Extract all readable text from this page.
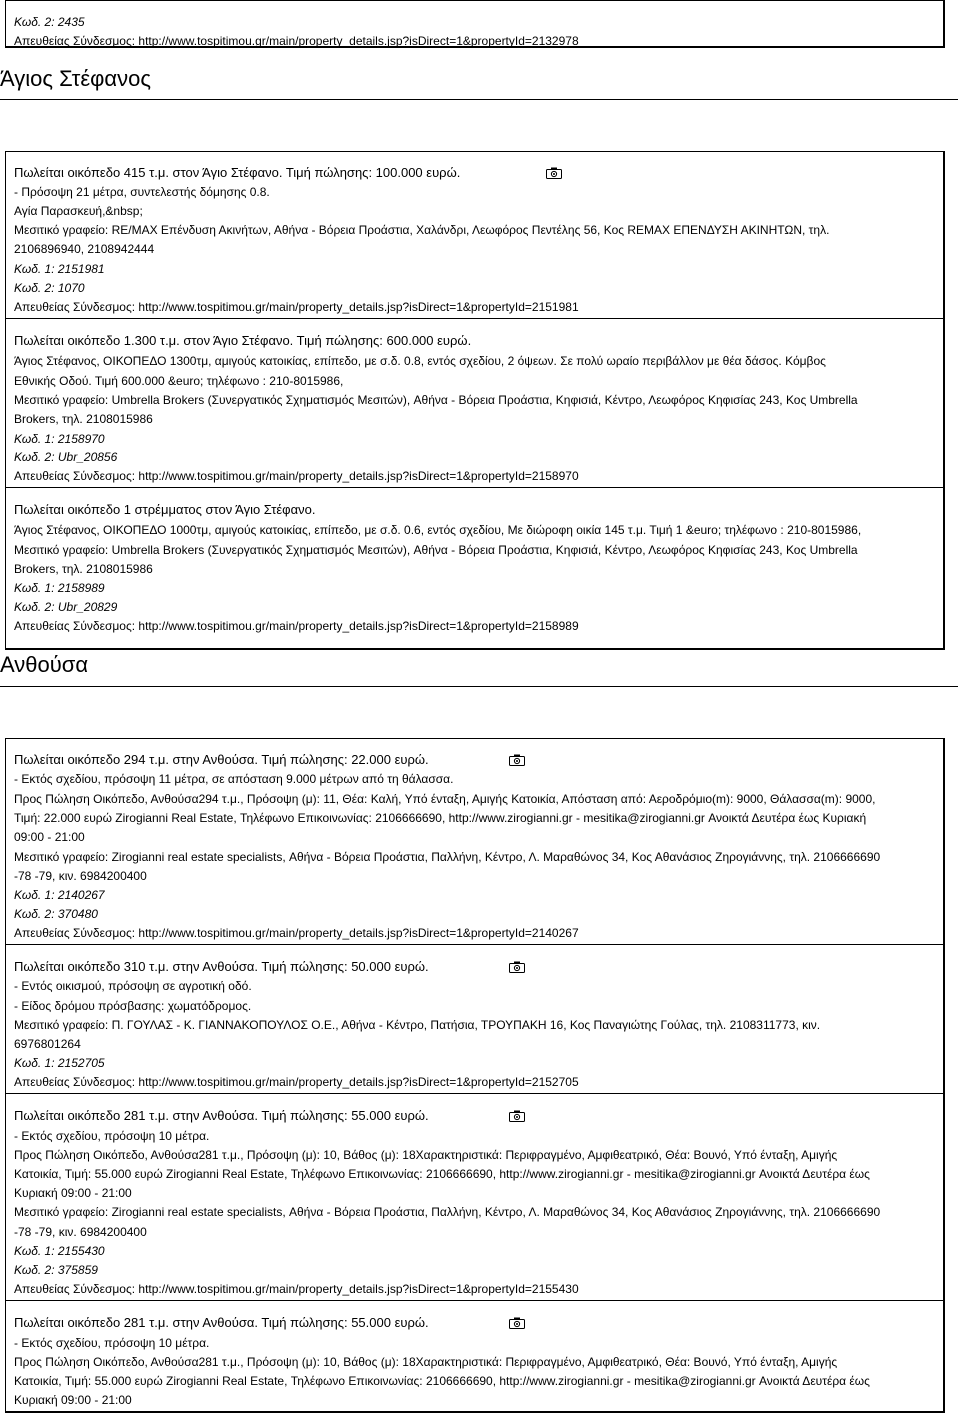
Κωδ. 2: 2435
Απευθείας Σύνδεσμος: http://www.tospitimou.gr/main/property_details.jsp?isDirect=1&propertyId=2132978
Άγιος Στέφανος
Πωλείται οικόπεδο 415 τ.μ. στον Άγιο Στέφανο. Τιμή πώλησης: 100.000 ευρώ.
- Πρόσοψη 21 μέτρα, συντελεστής δόμησης 0.8.
Αγία Παρασκευή,&nbsp;
Μεσιτικό γραφείο: RE/MAX Επένδυση Ακινήτων, Αθήνα - Βόρεια Προάστια, Χαλάνδρι, Λεωφόρος Πεντέλης 56, Κος REMAX ΕΠΕΝΔΥΣΗ ΑΚΙΝΗΤΩΝ, τηλ.
2106896940, 2108942444
Κωδ. 1: 2151981
Κωδ. 2: 1070
Απευθείας Σύνδεσμος: http://www.tospitimou.gr/main/property_details.jsp?isDirect=1&propertyId=2151981
Πωλείται οικόπεδο 1.300 τ.μ. στον Άγιο Στέφανο. Τιμή πώλησης: 600.000 ευρώ.
Άγιος Στέφανος, ΟΙΚΟΠΕΔΟ 1300τμ, αμιγούς κατοικίας, επίπεδο, με σ.δ. 0.8, εντός σχεδίου, 2 όψεων. Σε πολύ ωραίο περιβάλλον με θέα δάσος. Κόμβος
Εθνικής Οδού. Τιμή 600.000 &euro; τηλέφωνο : 210-8015986,
Μεσιτικό γραφείο: Umbrella Brokers (Συνεργατικός Σχηματισμός Μεσιτών), Αθήνα - Βόρεια Προάστια, Κηφισιά, Κέντρο, Λεωφόρος Κηφισίας 243, Κος Umbrella
Brokers, τηλ. 2108015986
Κωδ. 1: 2158970
Κωδ. 2: Ubr_20856
Απευθείας Σύνδεσμος: http://www.tospitimou.gr/main/property_details.jsp?isDirect=1&propertyId=2158970
Πωλείται οικόπεδο 1 στρέμματος στον Άγιο Στέφανο.
Άγιος Στέφανος, ΟΙΚΟΠΕΔΟ 1000τμ, αμιγούς κατοικίας, επίπεδο, με σ.δ. 0.6, εντός σχεδίου, Με διώροφη οικία 145 τ.μ. Τιμή 1 &euro; τηλέφωνο : 210-8015986,
Μεσιτικό γραφείο: Umbrella Brokers (Συνεργατικός Σχηματισμός Μεσιτών), Αθήνα - Βόρεια Προάστια, Κηφισιά, Κέντρο, Λεωφόρος Κηφισίας 243, Κος Umbrella
Brokers, τηλ. 2108015986
Κωδ. 1: 2158989
Κωδ. 2: Ubr_20829
Απευθείας Σύνδεσμος: http://www.tospitimou.gr/main/property_details.jsp?isDirect=1&propertyId=2158989
Ανθούσα
Πωλείται οικόπεδο 294 τ.μ. στην Ανθούσα. Τιμή πώλησης: 22.000 ευρώ.
- Εκτός σχεδίου, πρόσοψη 11 μέτρα, σε απόσταση 9.000 μέτρων από τη θάλασσα.
Προς Πώληση Οικόπεδο, Ανθούσα294 τ.μ., Πρόσοψη (μ): 11, Θέα: Καλή, Υπό ένταξη, Αμιγής Κατοικία, Απόσταση από: Αεροδρόμιο(m): 9000, Θάλασσα(m): 9000,
Τιμή: 22.000 ευρώ Zirogianni Real Estate, Τηλέφωνο Επικοινωνίας: 2106666690, http://www.zirogianni.gr - mesitika@zirogianni.gr Ανοικτά Δευτέρα έως Κυριακή
09:00 - 21:00
Μεσιτικό γραφείο: Zirogianni real estate specialists, Αθήνα - Βόρεια Προάστια, Παλλήνη, Κέντρο, Λ. Μαραθώνος 34, Κος Αθανάσιος Ζηρογιάννης, τηλ. 2106666690
-78 -79, κιν. 6984200400
Κωδ. 1: 2140267
Κωδ. 2: 370480
Απευθείας Σύνδεσμος: http://www.tospitimou.gr/main/property_details.jsp?isDirect=1&propertyId=2140267
Πωλείται οικόπεδο 310 τ.μ. στην Ανθούσα. Τιμή πώλησης: 50.000 ευρώ.
- Εντός οικισμού, πρόσοψη σε αγροτική οδό.
- Είδος δρόμου πρόσβασης: χωματόδρομος.
Μεσιτικό γραφείο: Π. ΓΟΥΛΑΣ - Κ. ΓΙΑΝΝΑΚΟΠΟΥΛΟΣ Ο.Ε., Αθήνα - Κέντρο, Πατήσια, ΤΡΟΥΠΑΚΗ 16, Κος Παναγιώτης Γούλας, τηλ. 2108311773, κιν.
6976801264
Κωδ. 1: 2152705
Απευθείας Σύνδεσμος: http://www.tospitimou.gr/main/property_details.jsp?isDirect=1&propertyId=2152705
Πωλείται οικόπεδο 281 τ.μ. στην Ανθούσα. Τιμή πώλησης: 55.000 ευρώ.
- Εκτός σχεδίου, πρόσοψη 10 μέτρα.
Προς Πώληση Οικόπεδο, Ανθούσα281 τ.μ., Πρόσοψη (μ): 10, Βάθος (μ): 18Χαρακτηριστικά: Περιφραγμένο, Αμφιθεατρικό, Θέα: Βουνό, Υπό ένταξη, Αμιγής
Κατοικία, Τιμή: 55.000 ευρώ Zirogianni Real Estate, Τηλέφωνο Επικοινωνίας: 2106666690, http://www.zirogianni.gr - mesitika@zirogianni.gr Ανοικτά Δευτέρα έως
Κυριακή 09:00 - 21:00
Μεσιτικό γραφείο: Zirogianni real estate specialists, Αθήνα - Βόρεια Προάστια, Παλλήνη, Κέντρο, Λ. Μαραθώνος 34, Κος Αθανάσιος Ζηρογιάννης, τηλ. 2106666690
-78 -79, κιν. 6984200400
Κωδ. 1: 2155430
Κωδ. 2: 375859
Απευθείας Σύνδεσμος: http://www.tospitimou.gr/main/property_details.jsp?isDirect=1&propertyId=2155430
Πωλείται οικόπεδο 281 τ.μ. στην Ανθούσα. Τιμή πώλησης: 55.000 ευρώ.
- Εκτός σχεδίου, πρόσοψη 10 μέτρα.
Προς Πώληση Οικόπεδο, Ανθούσα281 τ.μ., Πρόσοψη (μ): 10, Βάθος (μ): 18Χαρακτηριστικά: Περιφραγμένο, Αμφιθεατρικό, Θέα: Βουνό, Υπό ένταξη, Αμιγής
Κατοικία, Τιμή: 55.000 ευρώ Zirogianni Real Estate, Τηλέφωνο Επικοινωνίας: 2106666690, http://www.zirogianni.gr - mesitika@zirogianni.gr Ανοικτά Δευτέρα έως
Κυριακή 09:00 - 21:00
